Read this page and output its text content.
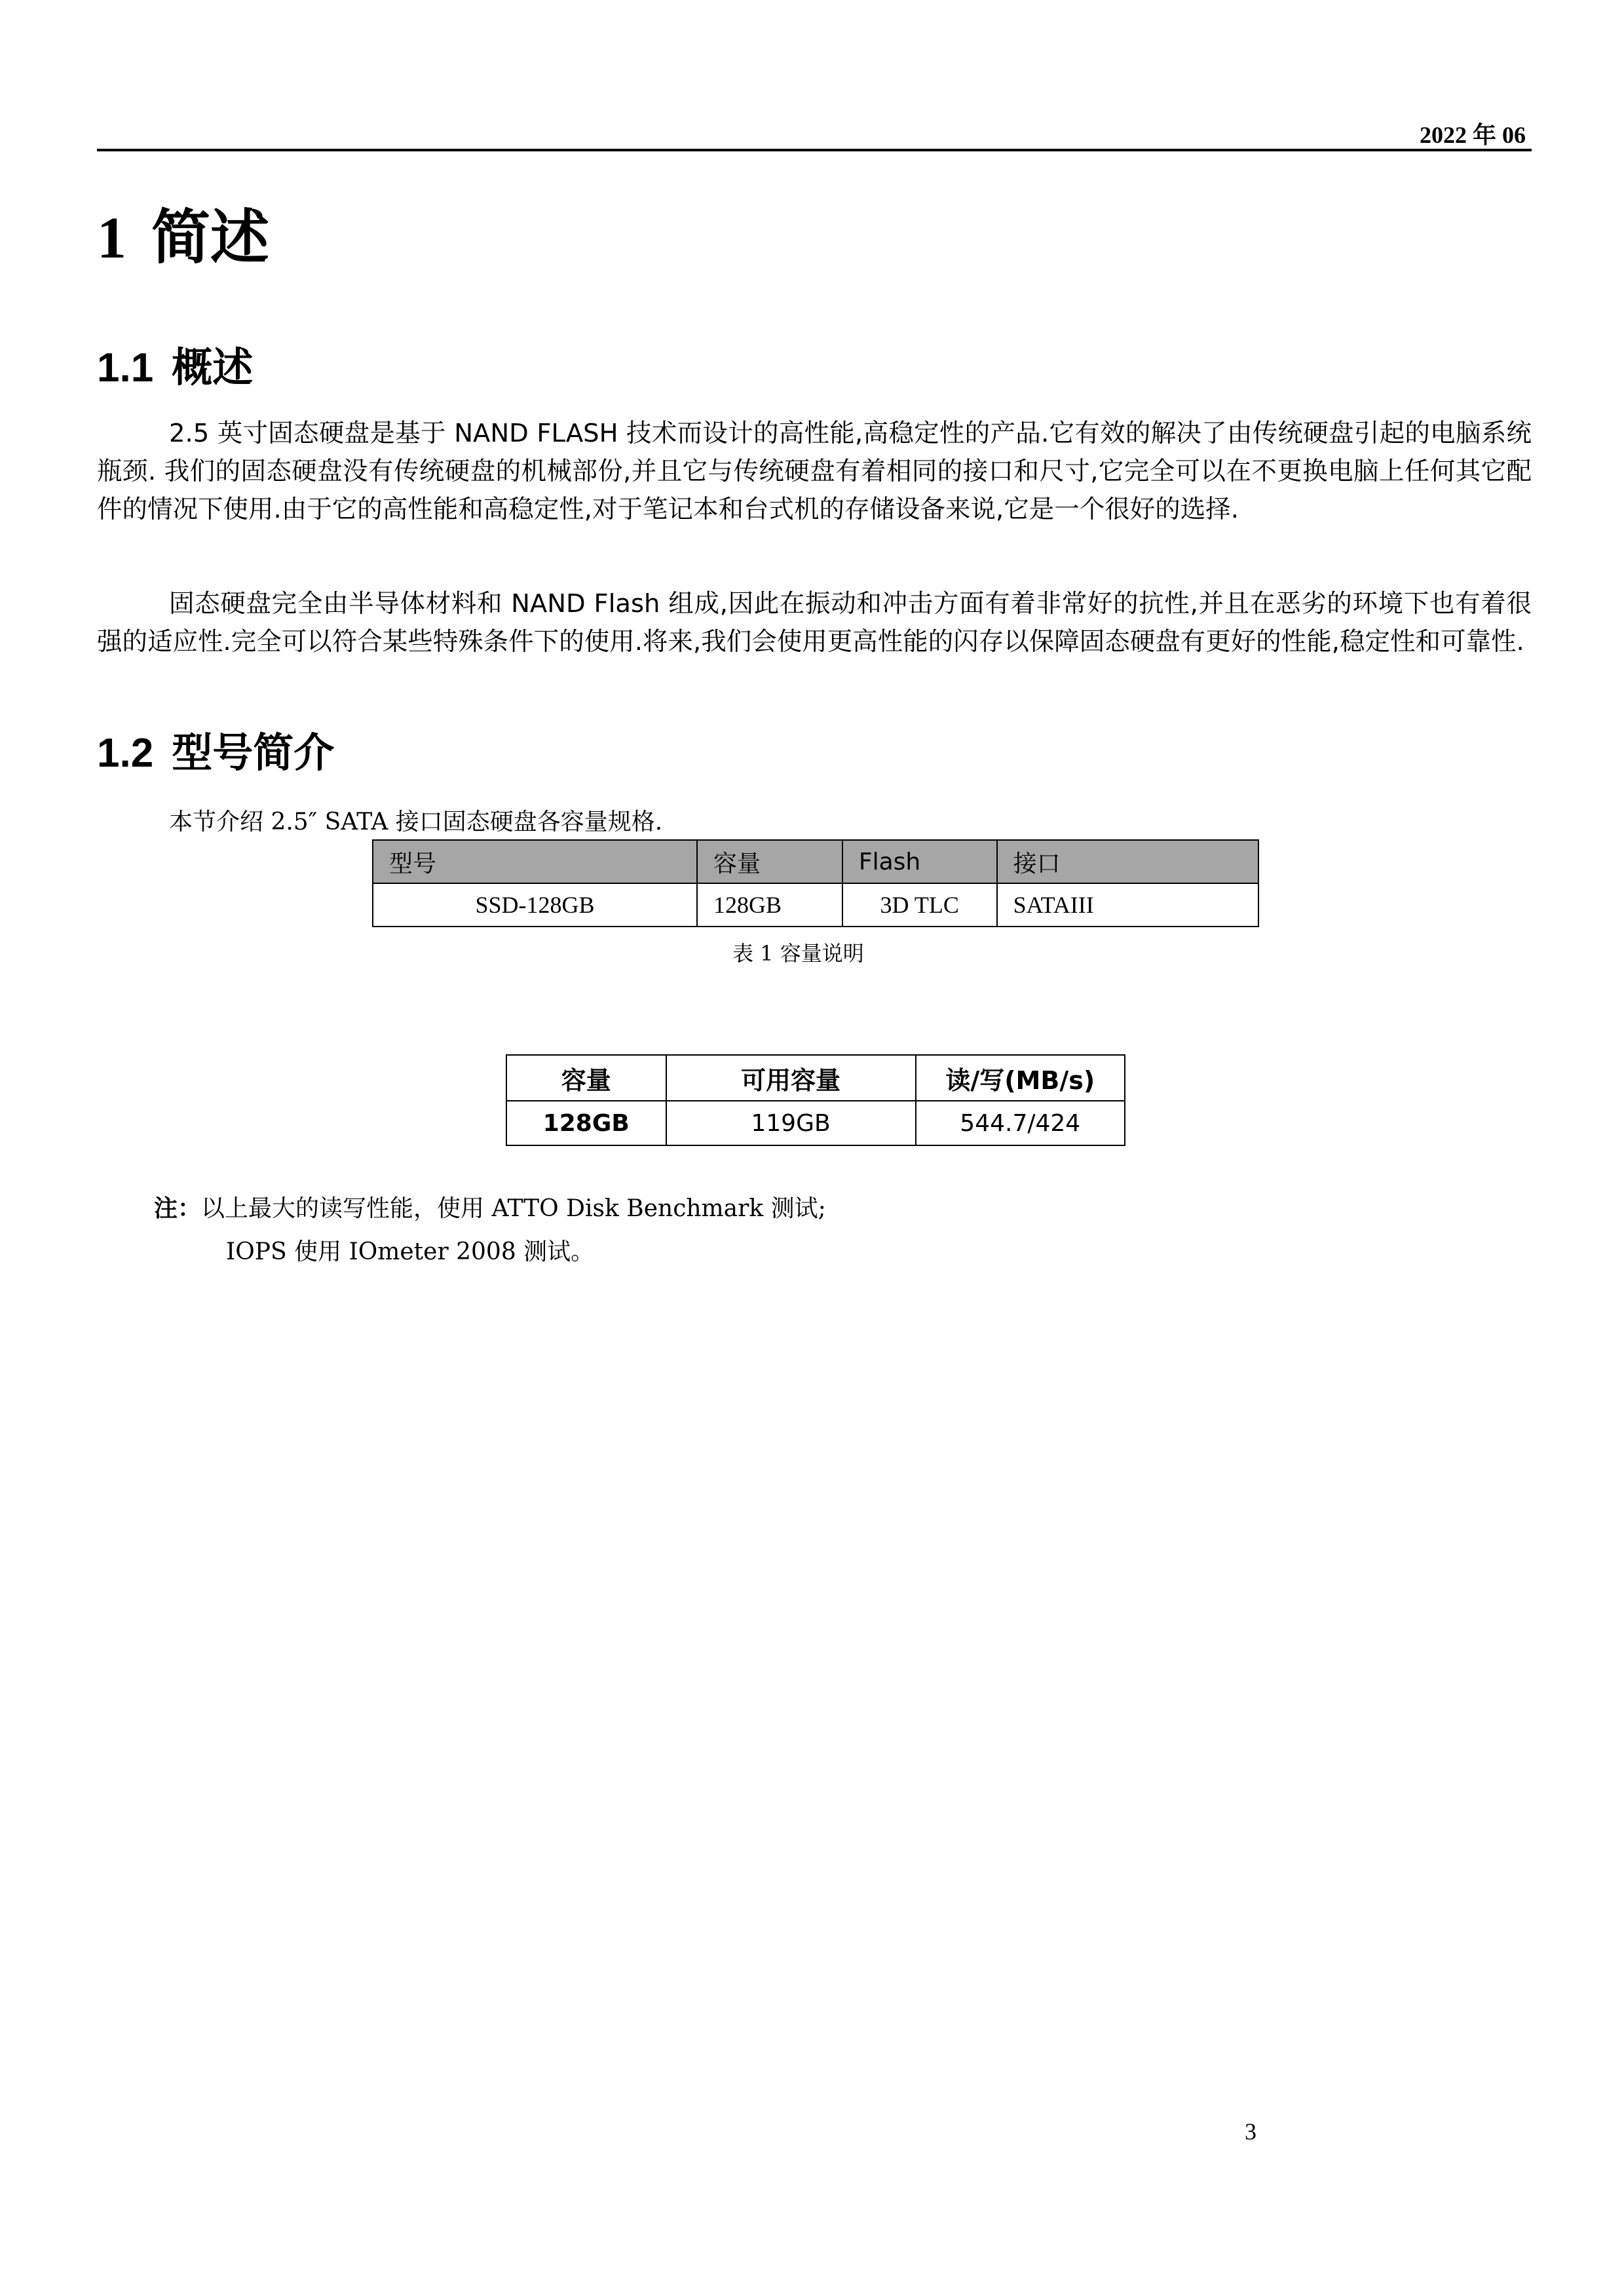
2022 年 06
1 简述
1.1 概述
2.5 英寸固态硬盘是基于 NAND FLASH 技术而设计的高性能,高稳定性的产品.它有效的解决了由传统硬盘引起的电脑系统瓶颈. 我们的固态硬盘没有传统硬盘的机械部份,并且它与传统硬盘有着相同的接口和尺寸,它完全可以在不更换电脑上任何其它配件的情况下使用.由于它的高性能和高稳定性,对于笔记本和台式机的存储设备来说,它是一个很好的选择.
固态硬盘完全由半导体材料和 NAND Flash 组成,因此在振动和冲击方面有着非常好的抗性,并且在恶劣的环境下也有着很强的适应性.完全可以符合某些特殊条件下的使用.将来,我们会使用更高性能的闪存以保障固态硬盘有更好的性能,稳定性和可靠性.
1.2 型号简介
本节介绍 2.5″ SATA 接口固态硬盘各容量规格.
型号	容量	Flash	接口
SSD-128GB	128GB	3D TLC	SATAIII
表 1 容量说明
容量	可用容量	读/写(MB/s)
128GB	119GB	544.7/424
注：以上最大的读写性能，使用 ATTO Disk Benchmark 测试;
IOPS 使用 IOmeter 2008 测试。
3
